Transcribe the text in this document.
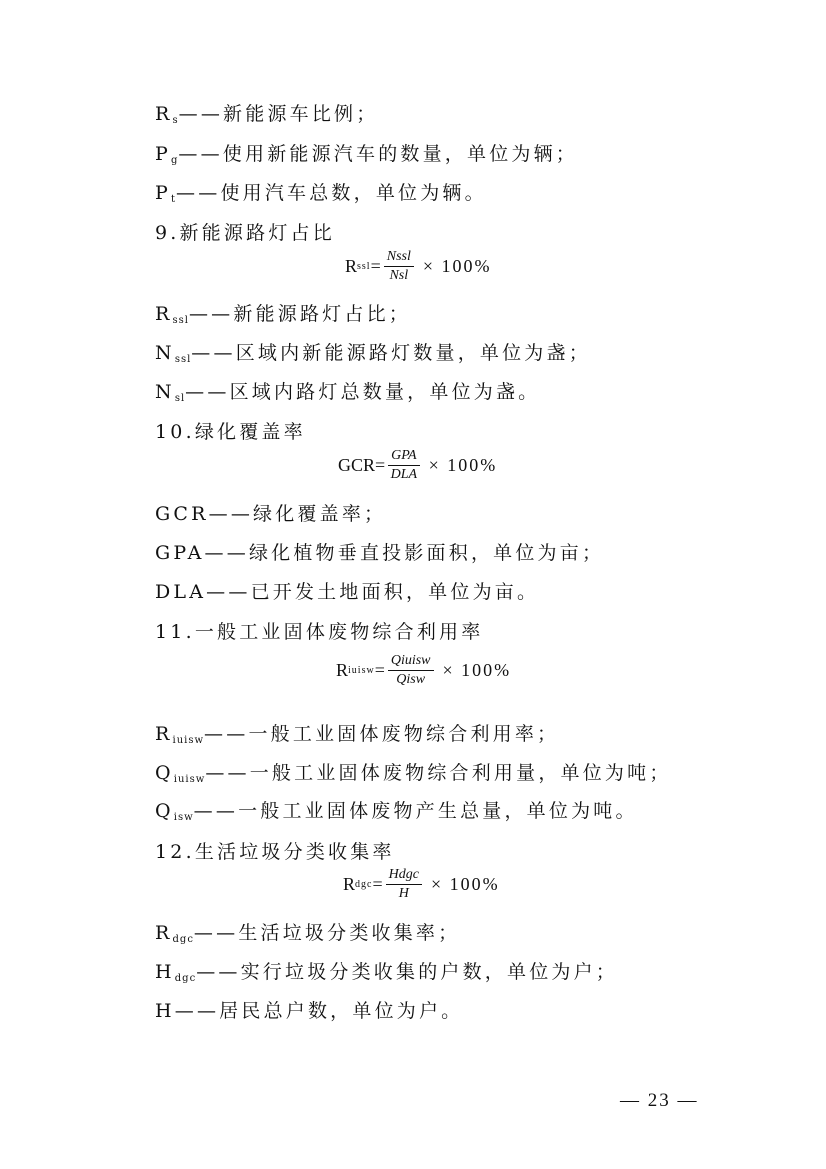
$R_s——$新能源车比例；
$P_g——$使用新能源汽车的数量，单位为辆；
$P_t——$使用汽车总数，单位为辆。
9.新能源路灯占比
$R_{ssl}——$新能源路灯占比；
$N_{ssl}——$区域内新能源路灯数量，单位为盏；
$N_{sl}——$区域内路灯总数量，单位为盏。
10.绿化覆盖率
GCR——绿化覆盖率；
GPA——绿化植物垂直投影面积，单位为亩；
DLA——已开发土地面积，单位为亩。
11.一般工业固体废物综合利用率
$R_{iuisw}——$一般工业固体废物综合利用率；
$Q_{iuisw}——$一般工业固体废物综合利用量，单位为吨；
$Q_{isw}——$一般工业固体废物产生总量，单位为吨。
12.生活垃圾分类收集率
$R_{dgc}——$生活垃圾分类收集率；
$H_{dgc}——$实行垃圾分类收集的户数，单位为户；
H——居民总户数，单位为户。
R ssl = $\frac{\text{Nssl}}{\text{Nsl}} \times 100\%$
GCR = $\frac{\text{GPA}}{\text{DLA}} \times 100\%$
R iuisw = $\frac{\text{Qiuisw}}{\text{Qisw}} \times 100\%$
R dgc = $\frac{\text{Hdgc}}{H} \times 100\%$
— 23 —
